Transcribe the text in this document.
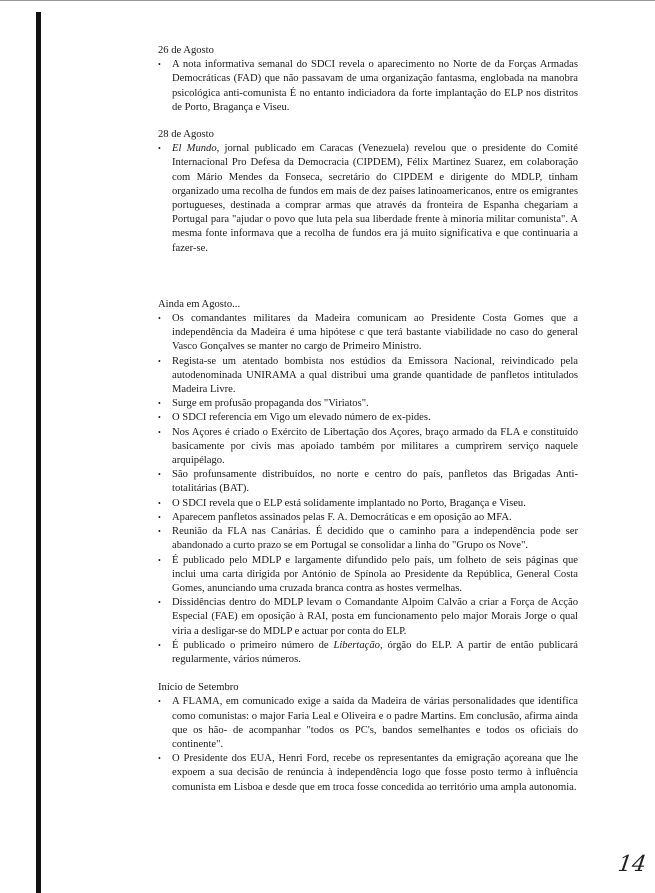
26 de Agosto

•	A nota informativa semanal do SDCI revela o aparecimento no Norte de da Forças Armadas Democráticas (FAD) que não passavam de uma organização fantasma, englobada na manobra psicológica anti-comunista É no entanto indiciadora da forte implantação do ELP nos distritos de Porto, Bragança e Viseu.

28 de Agosto

•	El Mundo, jornal publicado em Caracas (Venezuela) revelou que o presidente do Comité Internacional Pro Defesa da Democracia (CIPDEM), Félix Martinez Suarez, em colaboração com Mário Mendes da Fonseca, secretário do CIPDEM e dirigente do MDLP, tinham organizado uma recolha de fundos em mais de dez países latinoamericanos, entre os emigrantes portugueses, destinada a comprar armas que através da fronteira de Espanha chegariam a Portugal para "ajudar o povo que luta pela sua liberdade frente à minoria militar comunista". A mesma fonte informava que a recolha de fundos era já muito significativa e que continuaria a fazer-se.

Ainda em Agosto...

•	Os comandantes militares da Madeira comunicam ao Presidente Costa Gomes que a independência da Madeira é uma hipótese c que terá bastante viabilidade no caso do general Vasco Gonçalves se manter no cargo de Primeiro Ministro.
•	Regista-se um atentado bombista nos estúdios da Emissora Nacional, reivindicado pela autodenominada UNIRAMA a qual distribui uma grande quantidade de panfletos intitulados Madeira Livre.
•	Surge em profusão propaganda dos "Viriatos".
•	O SDCI referencia em Vigo um elevado número de ex-pides.
•	Nos Açores é criado o Exército de Libertação dos Açores, braço armado da FLA e constituído basicamente por civis mas apoiado também por militares a cumprirem serviço naquele arquipélago.
•	São profunsamente distribuídos, no norte e centro do país, panfletos das Brigadas Anti-totalitárias (BAT).
•	O SDCI revela que o ELP está solidamente implantado no Porto, Bragança e Viseu.
•	Aparecem panfletos assinados pelas F. A. Democráticas e em oposição ao MFA.
•	Reunião da FLA nas Canárias. É decidido que o caminho para a independência pode ser abandonado a curto prazo se em Portugal se consolidar a linha do "Grupo os Nove".
•	É publicado pelo MDLP e largamente difundido pelo país, um folheto de seis páginas que inclui uma carta dirigida por António de Spínola ao Presidente da República, General Costa Gomes, anunciando uma cruzada branca contra as hostes vermelhas.
•	Dissidências dentro do MDLP levam o Comandante Alpoim Calvão a criar a Força de Acção Especial (FAE) em oposição à RAI, posta em funcionamento pelo major Morais Jorge o qual viria a desligar-se do MDLP e actuar por conta do ELP.
•	É publicado o primeiro número de Libertação, órgão do ELP. A partir de então publicará regularmente, vários números.

Início de Setembro

•	A FLAMA, em comunicado exige a saída da Madeira de várias personalidades que identifica como comunistas: o major Faria Leal e Oliveira e o padre Martins. Em conclusão, afirma ainda que os hão- de acompanhar "todos os PC's, bandos semelhantes e todos os oficiais do continente".
•	O Presidente dos EUA, Henri Ford, recebe os representantes da emigração açoreana que lhe expoem a sua decisão de renúncia à independência logo que fosse posto termo à influência comunista em Lisboa e desde que em troca fosse concedida ao território uma ampla autonomia.
14
